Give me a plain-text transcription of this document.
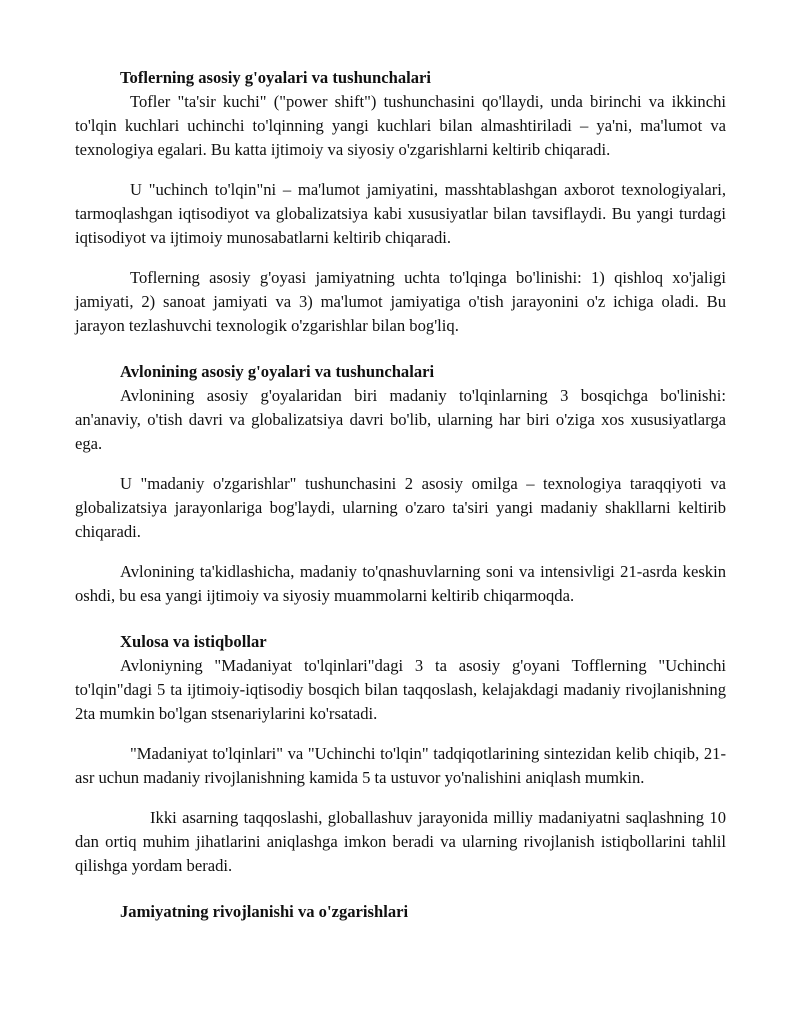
Toflerning asosiy g'oyalari va tushunchalari

Tofler "ta'sir kuchi" ("power shift") tushunchasini qo'llaydi, unda birinchi va ikkinchi to'lqin kuchlari uchinchi to'lqinning yangi kuchlari bilan almashtiriladi – ya'ni, ma'lumot va texnologiya egalari. Bu katta ijtimoiy va siyosiy o'zgarishlarni keltirib chiqaradi.

U "uchinch to'lqin"ni – ma'lumot jamiyatini, masshtablashgan axborot texnologiyalari, tarmoqlashgan iqtisodiyot va globalizatsiya kabi xususiyatlar bilan tavsiflaydi. Bu yangi turdagi iqtisodiyot va ijtimoiy munosabatlarni keltirib chiqaradi.

Toflerning asosiy g'oyasi jamiyatning uchta to'lqinga bo'linishi: 1) qishloq xo'jaligi jamiyati, 2) sanoat jamiyati va 3) ma'lumot jamiyatiga o'tish jarayonini o'z ichiga oladi. Bu jarayon tezlashuvchi texnologik o'zgarishlar bilan bog'liq.

Avlonining asosiy g'oyalari va tushunchalari

Avlonining asosiy g'oyalaridan biri madaniy to'lqinlarning 3 bosqichga bo'linishi: an'anaviy, o'tish davri va globalizatsiya davri bo'lib, ularning har biri o'ziga xos xususiyatlarga ega.

U "madaniy o'zgarishlar" tushunchasini 2 asosiy omilga – texnologiya taraqqiyoti va globalizatsiya jarayonlariga bog'laydi, ularning o'zaro ta'siri yangi madaniy shakllarni keltirib chiqaradi.

Avlonining ta'kidlashicha, madaniy to'qnashuvlarning soni va intensivligi 21-asrda keskin oshdi, bu esa yangi ijtimoiy va siyosiy muammolarni keltirib chiqarmoqda.

Xulosa va istiqbollar

Avloniyning "Madaniyat to'lqinlari"dagi 3 ta asosiy g'oyani Tofflerning "Uchinchi to'lqin"dagi 5 ta ijtimoiy-iqtisodiy bosqich bilan taqqoslash, kelajakdagi madaniy rivojlanishning 2ta mumkin bo'lgan stsenariylarini ko'rsatadi.

"Madaniyat to'lqinlari" va "Uchinchi to'lqin" tadqiqotlarining sintezidan kelib chiqib, 21-asr uchun madaniy rivojlanishning kamida 5 ta ustuvor yo'nalishini aniqlash mumkin.

Ikki asarning taqqoslashi, globallashuv jarayonida milliy madaniyatni saqlashning 10 dan ortiq muhim jihatlarini aniqlashga imkon beradi va ularning rivojlanish istiqbollarini tahlil qilishga yordam beradi.

Jamiyatning rivojlanishi va o'zgarishlari
